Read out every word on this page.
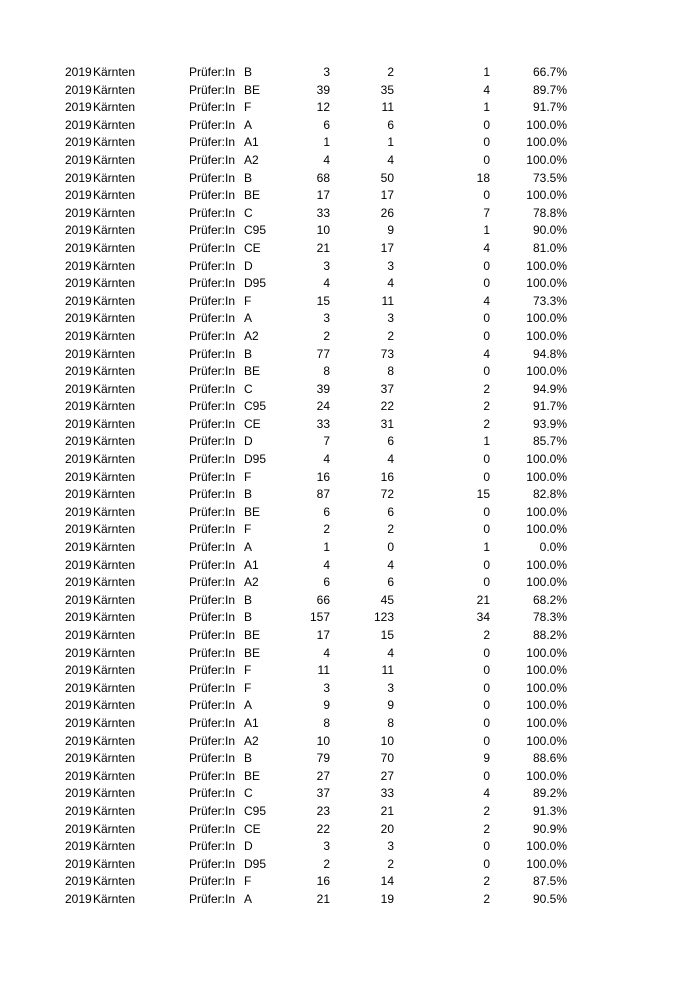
2019 Kärnten	Prüfer:In B	3	2	1	66.7%
2019 Kärnten	Prüfer:In BE	39	35	4	89.7%
2019 Kärnten	Prüfer:In F	12	11	1	91.7%
2019 Kärnten	Prüfer:In A	6	6	0	100.0%
2019 Kärnten	Prüfer:In A1	1	1	0	100.0%
2019 Kärnten	Prüfer:In A2	4	4	0	100.0%
2019 Kärnten	Prüfer:In B	68	50	18	73.5%
2019 Kärnten	Prüfer:In BE	17	17	0	100.0%
2019 Kärnten	Prüfer:In C	33	26	7	78.8%
2019 Kärnten	Prüfer:In C95	10	9	1	90.0%
2019 Kärnten	Prüfer:In CE	21	17	4	81.0%
2019 Kärnten	Prüfer:In D	3	3	0	100.0%
2019 Kärnten	Prüfer:In D95	4	4	0	100.0%
2019 Kärnten	Prüfer:In F	15	11	4	73.3%
2019 Kärnten	Prüfer:In A	3	3	0	100.0%
2019 Kärnten	Prüfer:In A2	2	2	0	100.0%
2019 Kärnten	Prüfer:In B	77	73	4	94.8%
2019 Kärnten	Prüfer:In BE	8	8	0	100.0%
2019 Kärnten	Prüfer:In C	39	37	2	94.9%
2019 Kärnten	Prüfer:In C95	24	22	2	91.7%
2019 Kärnten	Prüfer:In CE	33	31	2	93.9%
2019 Kärnten	Prüfer:In D	7	6	1	85.7%
2019 Kärnten	Prüfer:In D95	4	4	0	100.0%
2019 Kärnten	Prüfer:In F	16	16	0	100.0%
2019 Kärnten	Prüfer:In B	87	72	15	82.8%
2019 Kärnten	Prüfer:In BE	6	6	0	100.0%
2019 Kärnten	Prüfer:In F	2	2	0	100.0%
2019 Kärnten	Prüfer:In A	1	0	1	0.0%
2019 Kärnten	Prüfer:In A1	4	4	0	100.0%
2019 Kärnten	Prüfer:In A2	6	6	0	100.0%
2019 Kärnten	Prüfer:In B	66	45	21	68.2%
2019 Kärnten	Prüfer:In B	157	123	34	78.3%
2019 Kärnten	Prüfer:In BE	17	15	2	88.2%
2019 Kärnten	Prüfer:In BE	4	4	0	100.0%
2019 Kärnten	Prüfer:In F	11	11	0	100.0%
2019 Kärnten	Prüfer:In F	3	3	0	100.0%
2019 Kärnten	Prüfer:In A	9	9	0	100.0%
2019 Kärnten	Prüfer:In A1	8	8	0	100.0%
2019 Kärnten	Prüfer:In A2	10	10	0	100.0%
2019 Kärnten	Prüfer:In B	79	70	9	88.6%
2019 Kärnten	Prüfer:In BE	27	27	0	100.0%
2019 Kärnten	Prüfer:In C	37	33	4	89.2%
2019 Kärnten	Prüfer:In C95	23	21	2	91.3%
2019 Kärnten	Prüfer:In CE	22	20	2	90.9%
2019 Kärnten	Prüfer:In D	3	3	0	100.0%
2019 Kärnten	Prüfer:In D95	2	2	0	100.0%
2019 Kärnten	Prüfer:In F	16	14	2	87.5%
2019 Kärnten	Prüfer:In A	21	19	2	90.5%
